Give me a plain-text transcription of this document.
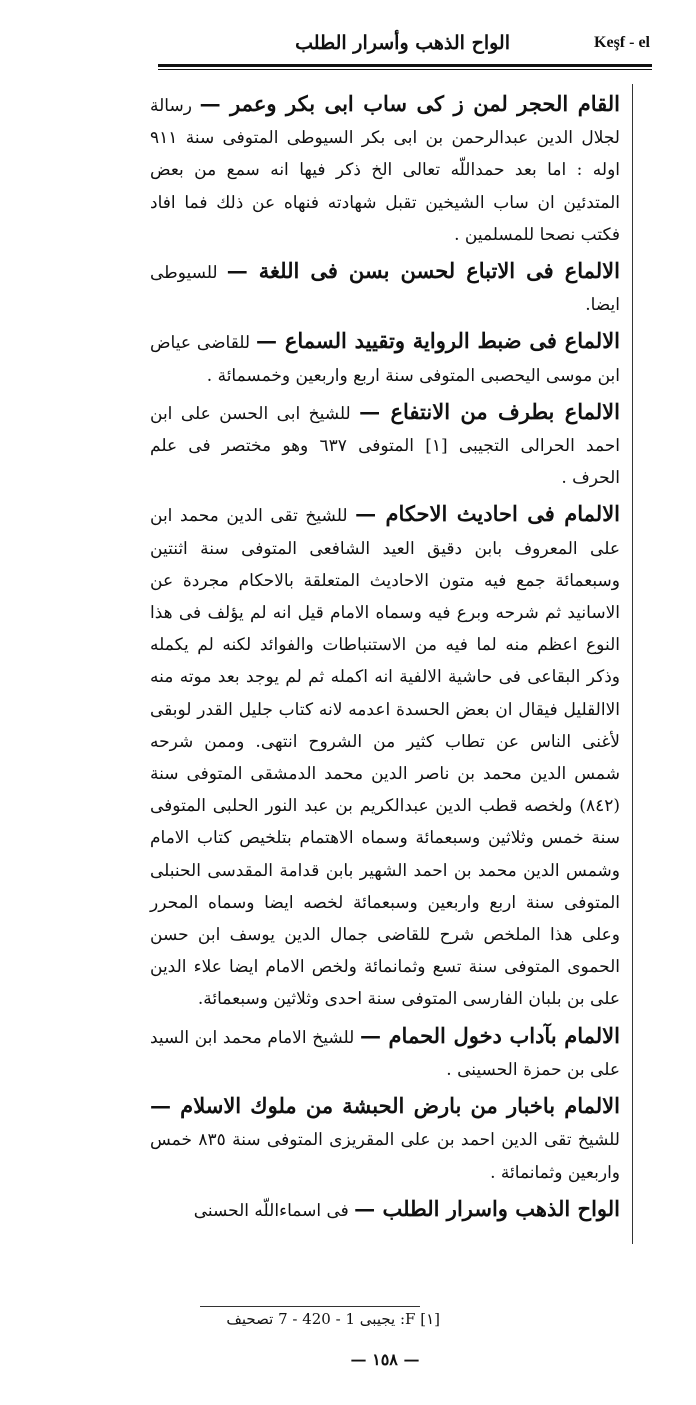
الواح الذهب وأسرار الطلب	Keşf - el

القام الحجر لمن ز كى ساب ابى بكر وعمر — رسالة لجلال الدين عبدالرحمن بن ابى بكر السيوطى المتوفى سنة ٩١١ اوله : اما بعد حمداللّه تعالى الخ ذكر فيها انه سمع من بعض المتدئين ان ساب الشيخين تقبل شهادته فنهاه عن ذلك فما افاد فكتب نصحا للمسلمين .

الالماع فى الاتباع لحسن بسن فى اللغة — للسيوطى ايضا.

الالماع فى ضبط الرواية وتقييد السماع — للقاضى عياض ابن موسى اليحصبى المتوفى سنة اربع واربعين وخمسمائة .

الالماع بطرف من الانتفاع — للشيخ ابى الحسن على ابن احمد الحرالى التجيبى [١] المتوفى ٦٣٧ وهو مختصر فى علم الحرف .

الالمام فى احاديث الاحكام — للشيخ تقى الدين محمد ابن على المعروف بابن دقيق العيد الشافعى المتوفى سنة اثنتين وسبعمائة جمع فيه متون الاحاديث المتعلقة بالاحكام مجردة عن الاسانيد ثم شرحه وبرع فيه وسماه الامام قيل انه لم يؤلف فى هذا النوع اعظم منه لما فيه من الاستنباطات والفوائد لكنه لم يكمله وذكر البقاعى فى حاشية الالفية انه اكمله ثم لم يوجد بعد موته منه الاالقليل فيقال ان بعض الحسدة اعدمه لانه كتاب جليل القدر لوبقى لأغنى الناس عن تطاب كثير من الشروح انتهى. وممن شرحه شمس الدين محمد بن ناصر الدين محمد الدمشقى المتوفى سنة (٨٤٢) ولخصه قطب الدين عبدالكريم بن عبد النور الحلبى المتوفى سنة خمس وثلاثين وسبعمائة وسماه الاهتمام بتلخيص كتاب الامام وشمس الدين محمد بن احمد الشهير بابن قدامة المقدسى الحنبلى المتوفى سنة اربع واربعين وسبعمائة لخصه ايضا وسماه المحرر وعلى هذا الملخص شرح للقاضى جمال الدين يوسف ابن حسن الحموى المتوفى سنة تسع وثمانمائة ولخص الامام ايضا علاء الدين على بن بلبان الفارسى المتوفى سنة احدى وثلاثين وسبعمائة.

الالمام بآداب دخول الحمام — للشيخ الامام محمد ابن السيد على بن حمزة الحسينى .

الالمام باخبار من بارض الحبشة من ملوك الاسلام — للشيخ تقى الدين احمد بن على المقريزى المتوفى سنة ٨٣٥ خمس واربعين وثمانمائة .

الواح الذهب واسرار الطلب — فى اسماءاللّه الحسنى

[١] F: يجيبى 1 - 420 - 7 تصحيف
— ١٥٨ —
